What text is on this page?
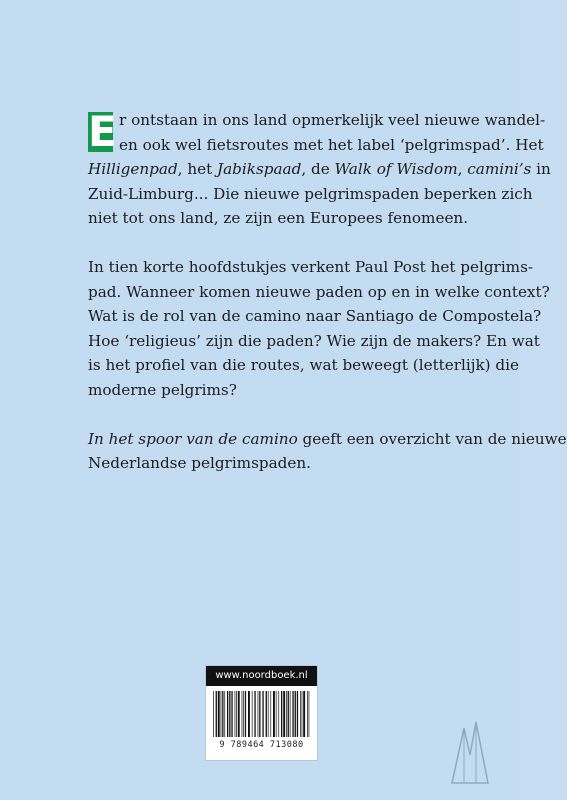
E r ontstaan in ons land opmerkelijk veel nieuwe wandel-
en ook wel fietsroutes met het label ‘pelgrimspad’. Het
Hilligenpad, het Jabikspaad, de Walk of Wisdom, camini’s in
Zuid-Limburg... Die nieuwe pelgrimspaden beperken zich
niet tot ons land, ze zijn een Europees fenomeen.
In tien korte hoofdstukjes verkent Paul Post het pelgrims-
pad. Wanneer komen nieuwe paden op en in welke context?
Wat is de rol van de camino naar Santiago de Compostela?
Hoe ‘religieus’ zijn die paden? Wie zijn de makers? En wat
is het profiel van die routes, wat beweegt (letterlijk) die
moderne pelgrims?
In het spoor van de camino geeft een overzicht van de nieuwe
Nederlandse pelgrimspaden.
www.noordboek.nl
9 789464 713080
